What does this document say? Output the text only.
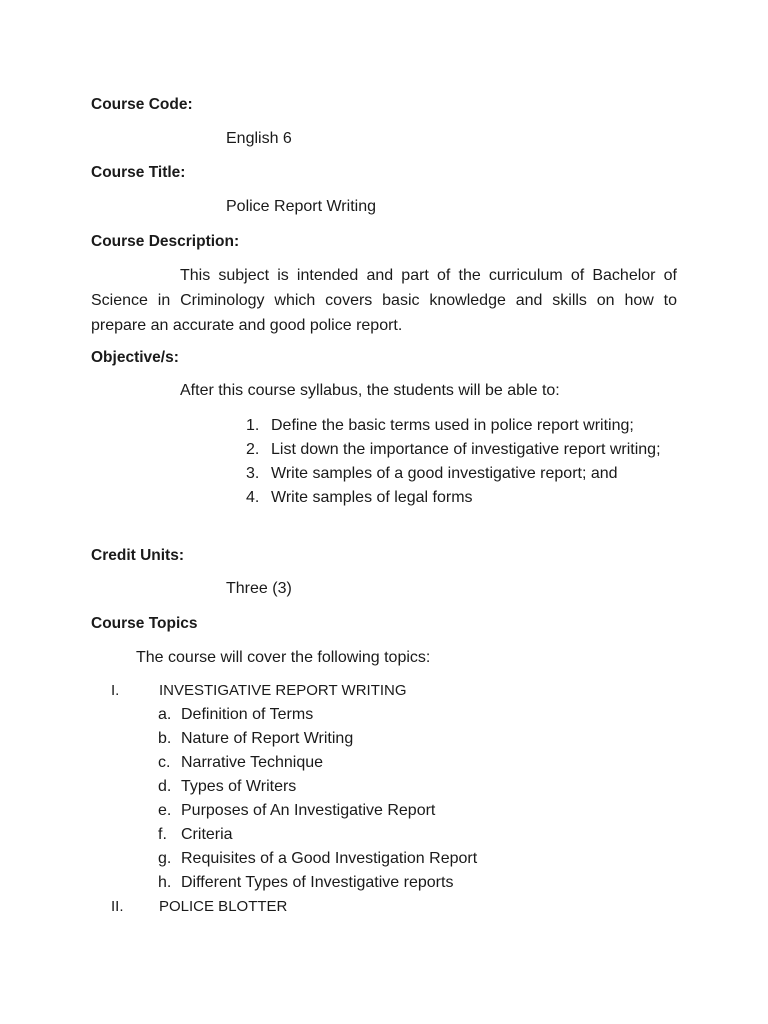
Course Code:
English 6
Course Title:
Police Report Writing
Course Description:
This subject is intended and part of the curriculum of Bachelor of Science in Criminology which covers basic knowledge and skills on how to prepare an accurate and good police report.
Objective/s:
After this course syllabus, the students will be able to:
1. Define the basic terms used in police report writing;
2. List down the importance of investigative report writing;
3. Write samples of a good investigative report; and
4. Write samples of legal forms
Credit Units:
Three (3)
Course Topics
The course will cover the following topics:
I.	INVESTIGATIVE REPORT WRITING
a. Definition of Terms
b. Nature of Report Writing
c. Narrative Technique
d. Types of Writers
e. Purposes of An Investigative Report
f. Criteria
g. Requisites of a Good Investigation Report
h. Different Types of Investigative reports
II. POLICE BLOTTER
